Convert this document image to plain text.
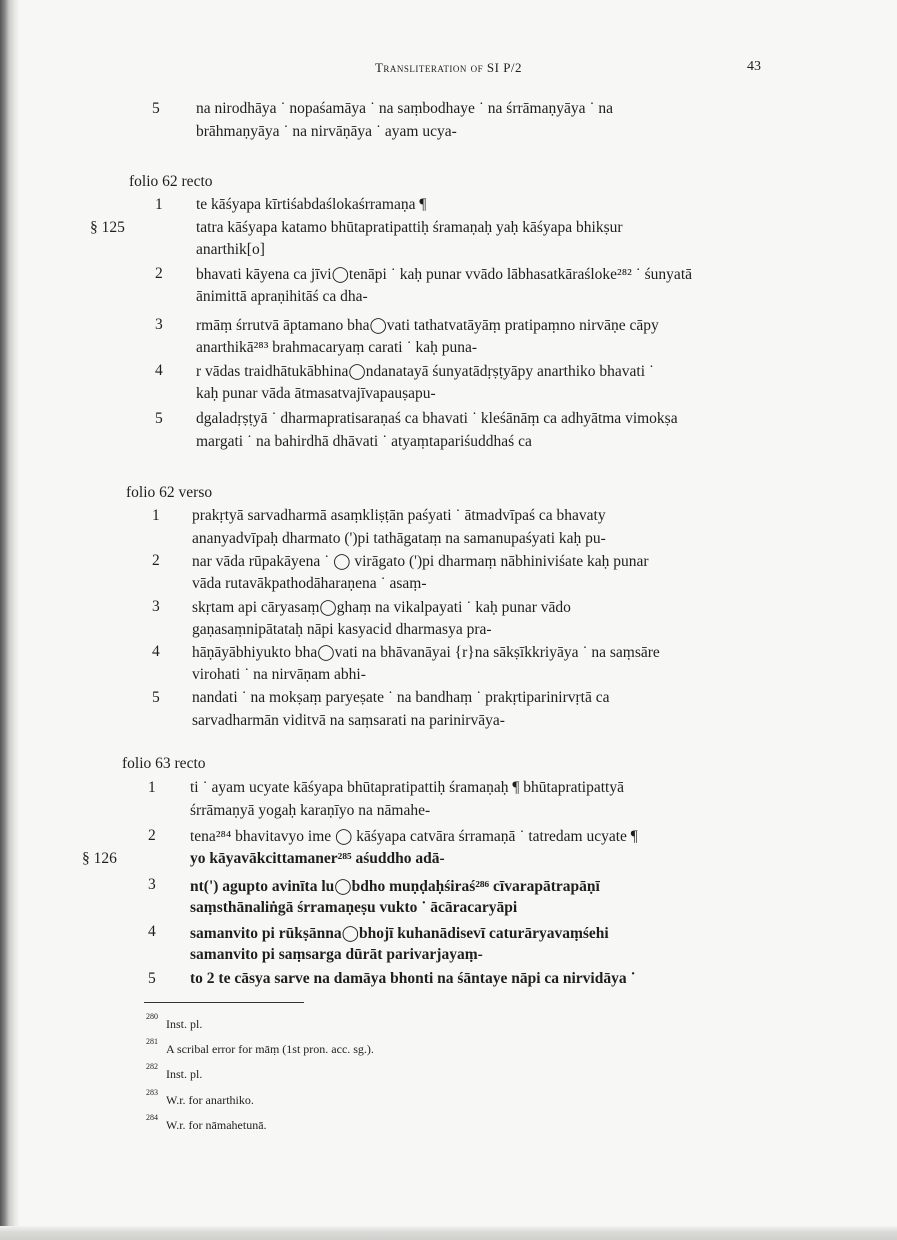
Transliteration of SI P/2	43
5 na nirodhāya ˙ nopaśamāya ˙ na saṃbodhaye ˙ na śrrāmaṇyāya ˙ na
brāhmaṇyāya ˙ na nirvāṇāya ˙ ayam ucya-
folio 62 recto
1 te kāśyapa kīrtiśabdaślokaśrramaṇa ¶
§ 125	tatra kāśyapa katamo bhūtapratipattiḥ śramaṇaḥ yaḥ kāśyapa bhikṣur
anarthik[o]
2 bhavati kāyena ca jīvi◯tenāpi ˙ kaḥ punar vvādo lābhasatkāraśloke²⁸² ˙ śunyatā
ānimittā apraṇihitāś ca dha-
3 rmāṃ śrrutvā āptamano bha◯vati tathatvatāyāṃ pratipaṃno nirvāṇe cāpy
anarthikā²⁸³ brahmacaryaṃ carati ˙ kaḥ puna-
4 r vādas traidhātukābhina◯ndanatayā śunyatādṛṣṭyāpy anarthiko bhavati ˙
kaḥ punar vāda ātmasatvajīvapauṣapu-
5 dgaladṛṣṭyā ˙ dharmapratisaraṇaś ca bhavati ˙ kleśānāṃ ca adhyātma vimokṣa
margati ˙ na bahirdhā dhāvati ˙ atyaṃtapariśuddhaś ca
folio 62 verso
1 prakṛtyā sarvadharmā asaṃkliṣṭān paśyati ˙ ātmadvīpaś ca bhavaty
ananyadvīpaḥ dharmato (')pi tathāgataṃ na samanupaśyati kaḥ pu-
2 nar vāda rūpakāyena ˙ ◯ virāgato (')pi dharmaṃ nābhiniviśate kaḥ punar
vāda rutavākpathodāharaṇena ˙ asaṃ-
3 skṛtam api cāryasaṃ◯ghaṃ na vikalpayati ˙ kaḥ punar vādo
gaṇasaṃnipātataḥ nāpi kasyacid dharmasya pra-
4 hāṇāyābhiyukto bha◯vati na bhāvanāyai {r}na sākṣīkkriyāya ˙ na saṃsāre
virohati ˙ na nirvāṇam abhi-
5 nandati ˙ na mokṣaṃ paryeṣate ˙ na bandhaṃ ˙ prakṛtiparinirvṛtā ca
sarvadharmān viditvā na saṃsarati na parinirvāya-
folio 63 recto
1 ti ˙ ayam ucyate kāśyapa bhūtapratipattiḥ śramaṇaḥ ¶ bhūtapratipattyā
śrrāmaṇyā yogaḥ karaṇīyo na nāmahe-
2 tena²⁸⁴ bhavitavyo ime ◯ kāśyapa catvāra śrramaṇā ˙ tatredam ucyate ¶
§ 126	yo kāyavākcittamaner²⁸⁵ aśuddho adā-
3 nt(') agupto avinīta lu◯bdho muṇḍaḥśiraś²⁸⁶ cīvarapātrapāṇī
saṃsthānaliṅgā śrramaṇeṣu vukto ˙ ācāracaryāpi
4 samanvito pi rūkṣānna◯bhojī kuhanādisevī caturāryavaṃśehi
samanvito pi saṃsarga dūrāt parivarjayaṃ-
5 to 2 te cāsya sarve na damāya bhonti na śāntaye nāpi ca nirvidāya ˙
$^{280}$Inst. pl.
$^{281}$A scribal error for māṃ (1st pron. acc. sg.).
$^{282}$Inst. pl.
$^{283}$W.r. for anarthiko.
$^{284}$W.r. for nāmahetunā.
